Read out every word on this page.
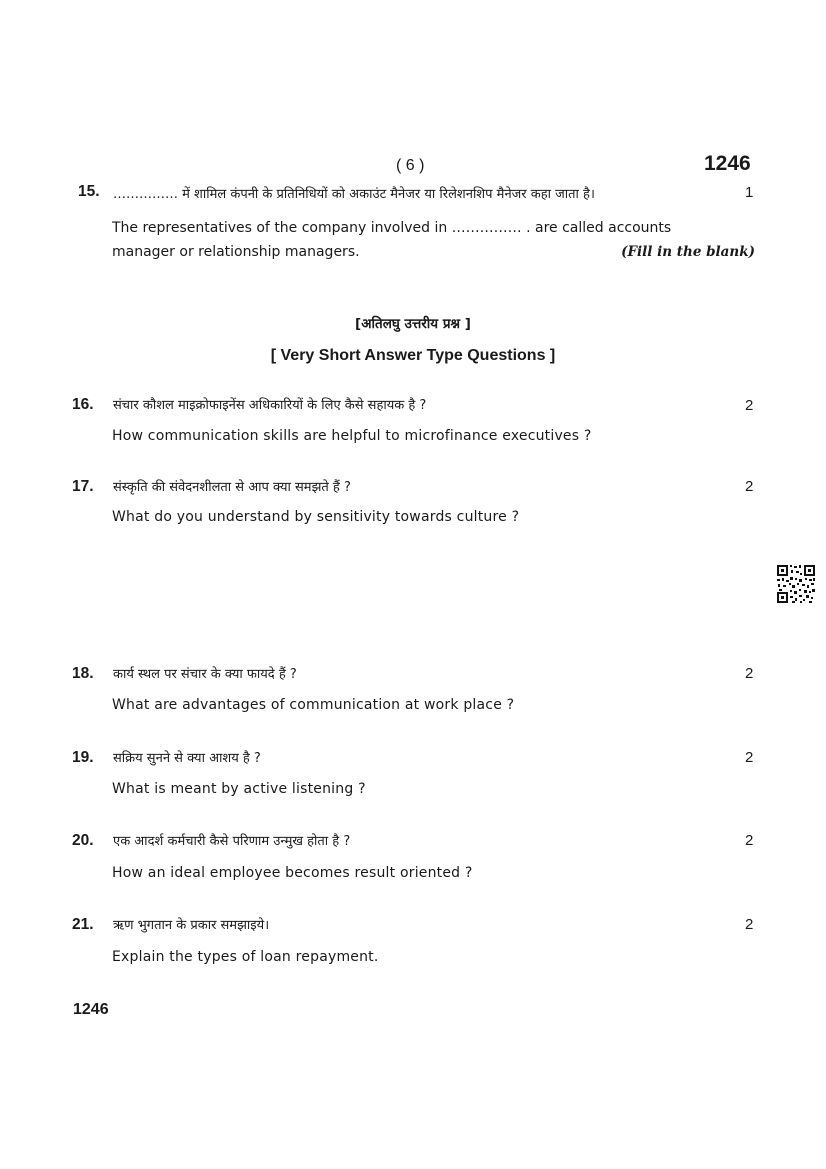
( 6 )	1246
15. …………… में शामिल कंपनी के प्रतिनिधियों को अकाउंट मैनेजर या रिलेशनशिप मैनेजर कहा जाता है।	1
The representatives of the company involved in …………… . are called accounts
manager or relationship managers.	(Fill in the blank)
[अतिलघु उत्तरीय प्रश्न ]
[ Very Short Answer Type Questions ]
16. संचार कौशल माइक्रोफाइनेंस अधिकारियों के लिए कैसे सहायक है ?	2
How communication skills are helpful to microfinance executives ?
17. संस्कृति की संवेदनशीलता से आप क्या समझते हैं ?	2
What do you understand by sensitivity towards culture ?
18. कार्य स्थल पर संचार के क्या फायदे हैं ?	2
What are advantages of communication at work place ?
19. सक्रिय सुनने से क्या आशय है ?	2
What is meant by active listening ?
20. एक आदर्श कर्मचारी कैसे परिणाम उन्मुख होता है ?	2
How an ideal employee becomes result oriented ?
21. ऋण भुगतान के प्रकार समझाइये।	2
Explain the types of loan repayment.
1246
